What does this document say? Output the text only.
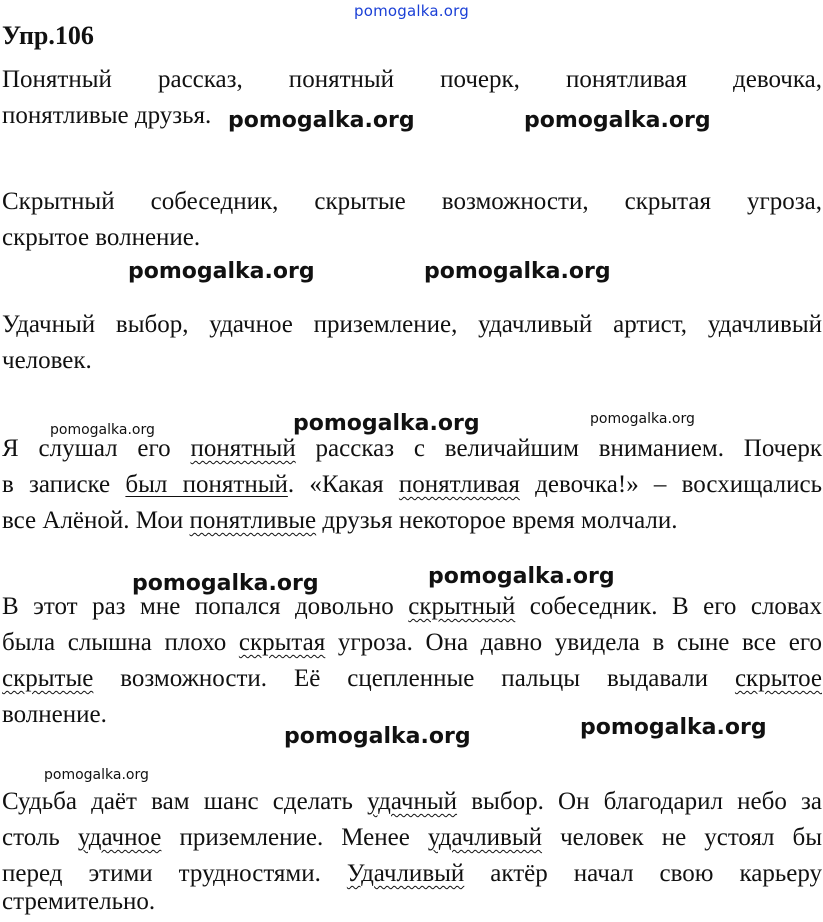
pomogalka.org
pomogalka.org	pomogalka.org
pomogalka.org	pomogalka.org
pomogalka.org	pomogalka.org	pomogalka.org
pomogalka.org	pomogalka.org
pomogalka.org	pomogalka.org
pomogalka.org
Упр.106
Понятный рассказ, понятный почерк, понятливая девочка,
понятливые друзья.
Скрытный собеседник, скрытые возможности, скрытая угроза,
скрытое волнение.
Удачный выбор, удачное приземление, удачливый артист, удачливый
человек.
Я слушал его понятный рассказ с величайшим вниманием. Почерк
в записке был понятный. «Какая понятливая девочка!» – восхищались
все Алёной. Мои понятливые друзья некоторое время молчали.
В этот раз мне попался довольно скрытный собеседник. В его словах
была слышна плохо скрытая угроза. Она давно увидела в сыне все его
скрытые возможности. Её сцепленные пальцы выдавали скрытое
волнение.
Судьба даёт вам шанс сделать удачный выбор. Он благодарил небо за
столь удачное приземление. Менее удачливый человек не устоял бы
перед этими трудностями. Удачливый актёр начал свою карьеру
стремительно.
